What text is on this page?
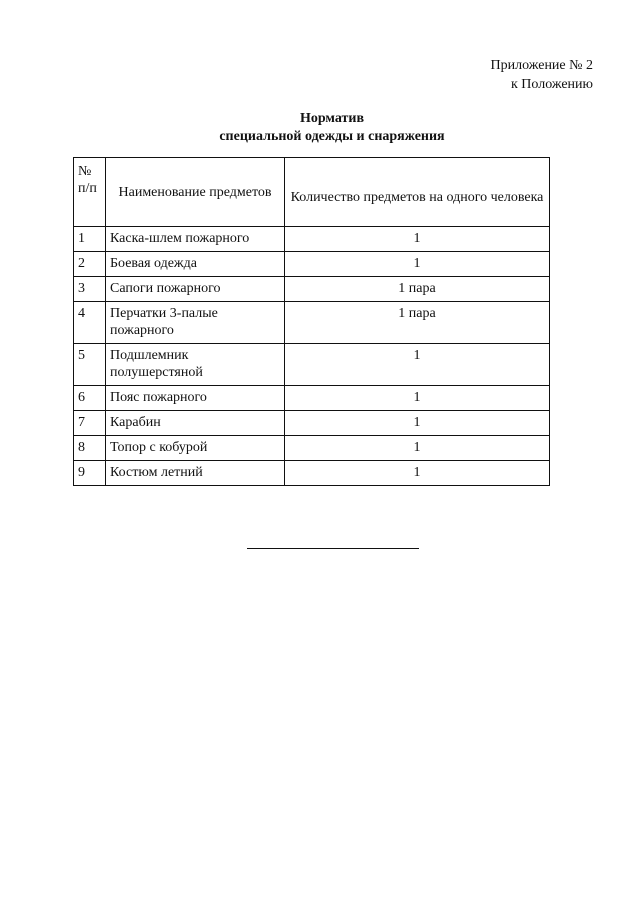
Приложение № 2
к Положению
Норматив
специальной одежды и снаряжения
№ п/п	Наименование предметов	Количество предметов на одного человека
1	Каска-шлем пожарного	1
2	Боевая одежда	1
3	Сапоги пожарного	1 пара
4	Перчатки 3-палые пожарного	1 пара
5	Подшлемник полушерстяной	1
6	Пояс пожарного	1
7	Карабин	1
8	Топор с кобурой	1
9	Костюм летний	1
